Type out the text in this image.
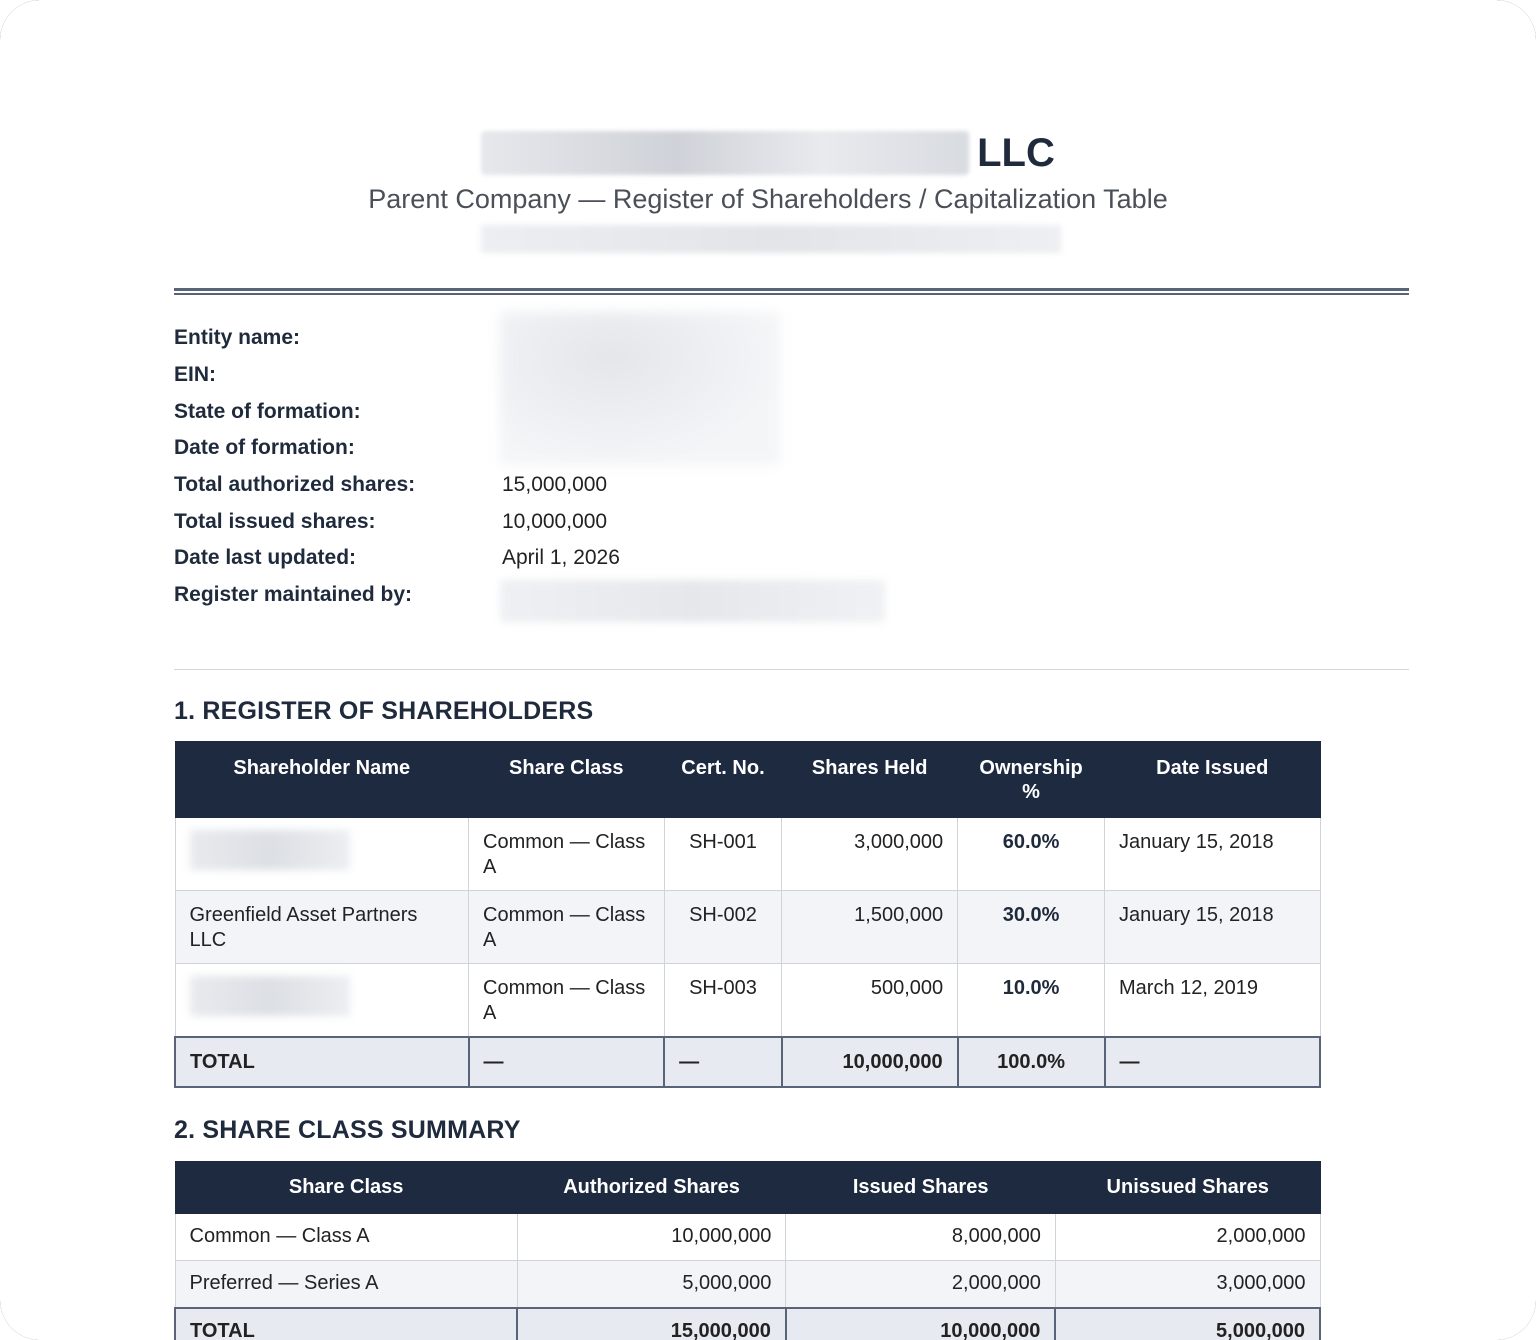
LLC
Parent Company — Register of Shareholders / Capitalization Table
Entity name:
EIN:
State of formation:
Date of formation:
Total authorized shares:	15,000,000
Total issued shares:	10,000,000
Date last updated:	April 1, 2026
Register maintained by:
1. REGISTER OF SHAREHOLDERS
Shareholder Name	Share Class	Cert. No.	Shares Held	Ownership %	Date Issued
	Common — Class A	SH-001	3,000,000	60.0%	January 15, 2018
Greenfield Asset Partners LLC	Common — Class A	SH-002	1,500,000	30.0%	January 15, 2018
	Common — Class A	SH-003	500,000	10.0%	March 12, 2019
TOTAL	—	—	10,000,000	100.0%	—
2. SHARE CLASS SUMMARY
Share Class	Authorized Shares	Issued Shares	Unissued Shares
Common — Class A	10,000,000	8,000,000	2,000,000
Preferred — Series A	5,000,000	2,000,000	3,000,000
TOTAL	15,000,000	10,000,000	5,000,000
